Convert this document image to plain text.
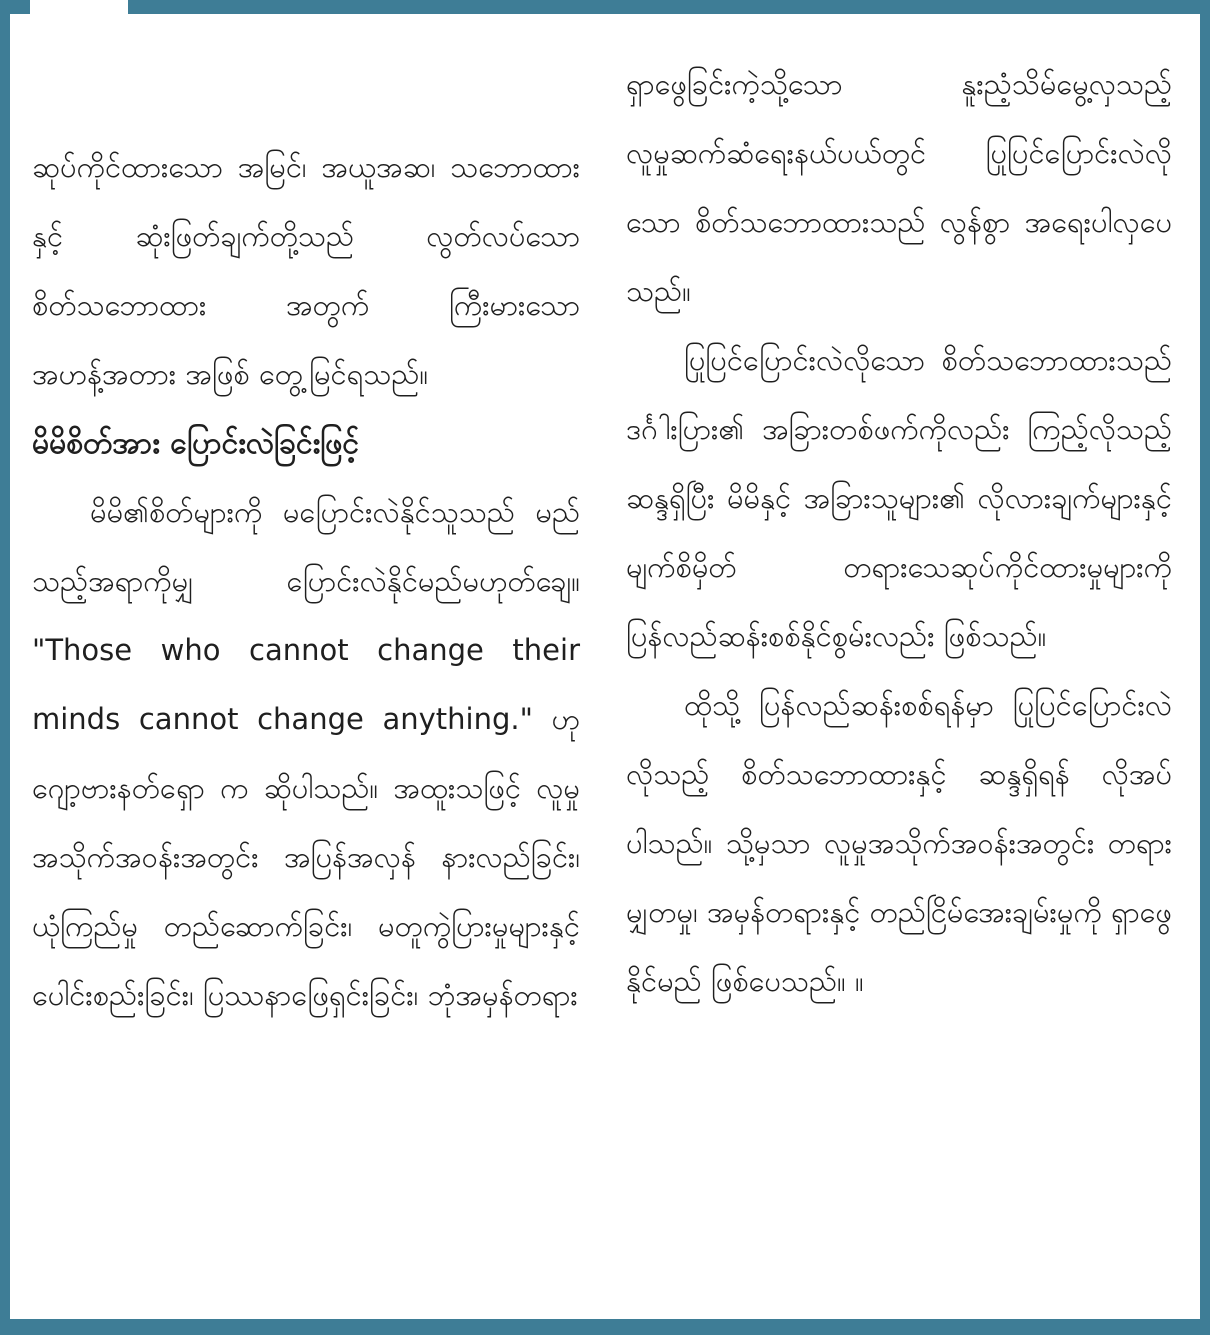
ဆုပ်ကိုင်ထားသော အမြင်၊ အယူအဆ၊ သဘောထားနှင့် ဆုံးဖြတ်ချက်တို့သည် လွတ်လပ်သော စိတ်သဘောထား အတွက် ကြီးမားသော အဟန့်အတား အဖြစ် တွေ့မြင်ရသည်။

မိမိစိတ်အား ပြောင်းလဲခြင်းဖြင့်

မိမိ၏စိတ်များကို မပြောင်းလဲနိုင်သူသည် မည်သည့်အရာကိုမျှ ပြောင်းလဲနိုင်မည်မဟုတ်ချေ။ "Those who cannot change their minds cannot change anything." ဟု ဂျော့ဗားနတ်ရှော က ဆိုပါသည်။ အထူးသဖြင့် လူမှုအသိုက်အဝန်းအတွင်း အပြန်အလှန် နားလည်ခြင်း၊ ယုံကြည်မှု တည်ဆောက်ခြင်း၊ မတူကွဲပြားမှုများနှင့် ပေါင်းစည်းခြင်း၊ ပြဿနာဖြေရှင်းခြင်း၊ ဘုံအမှန်တရား

ရှာဖွေခြင်းကဲ့သို့သော နူးညံ့သိမ်မွေ့လှသည့် လူမှုဆက်ဆံရေးနယ်ပယ်တွင် ပြုပြင်ပြောင်းလဲလိုသော စိတ်သဘောထားသည် လွန်စွာ အရေးပါလှပေသည်။

ပြုပြင်ပြောင်းလဲလိုသော စိတ်သဘောထားသည် ဒင်္ဂါးပြား၏ အခြားတစ်ဖက်ကိုလည်း ကြည့်လိုသည့်ဆန္ဒရှိပြီး မိမိနှင့် အခြားသူများ၏ လိုလားချက်များနှင့် မျက်စိမှိတ် တရားသေဆုပ်ကိုင်ထားမှုများကို ပြန်လည်ဆန်းစစ်နိုင်စွမ်းလည်း ဖြစ်သည်။

ထိုသို့ ပြန်လည်ဆန်းစစ်ရန်မှာ ပြုပြင်ပြောင်းလဲလိုသည့် စိတ်သဘောထားနှင့် ဆန္ဒရှိရန် လိုအပ်ပါသည်။ သို့မှသာ လူမှုအသိုက်အဝန်းအတွင်း တရားမျှတမှု၊ အမှန်တရားနှင့် တည်ငြိမ်အေးချမ်းမှုကို ရှာဖွေနိုင်မည် ဖြစ်ပေသည်။ ။
